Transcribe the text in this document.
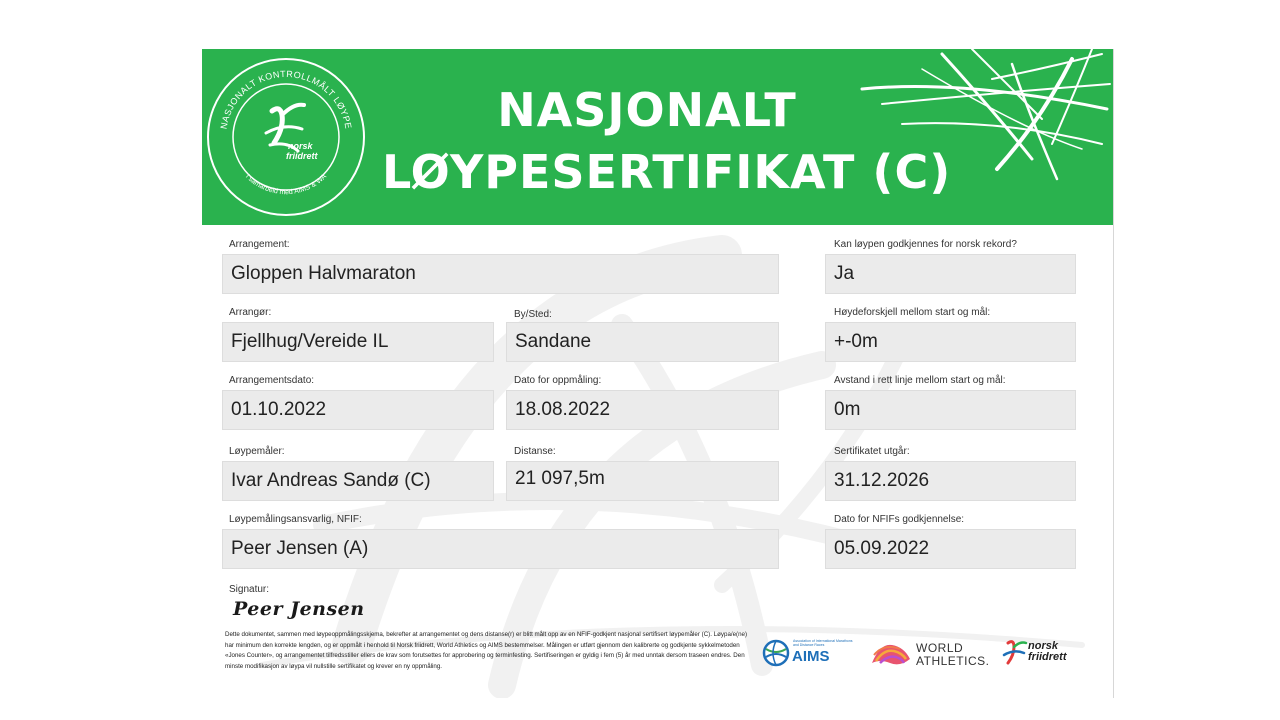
NASJONALT KONTROLLMÅLT LØYPE
I samarbeid med AIMS & WA
norsk
friidrett
NASJONALT
LØYPESERTIFIKAT (C)
Arrangement:
Gloppen Halvmaraton
Kan løypen godkjennes for norsk rekord?
Ja
Arrangør:
Fjellhug/Vereide IL
By/Sted:
Sandane
Høydeforskjell mellom start og mål:
+-0m
Arrangementsdato:
01.10.2022
Dato for oppmåling:
18.08.2022
Avstand i rett linje mellom start og mål:
0m
Løypemåler:
Ivar Andreas Sandø (C)
Distanse:
21 097,5m
Sertifikatet utgår:
31.12.2026
Løypemålingsansvarlig, NFIF:
Peer Jensen (A)
Dato for NFIFs godkjennelse:
05.09.2022
Signatur:
Peer Jensen
Dette dokumentet, sammen med løypeoppmålingsskjema, bekrefter at arrangementet og dens distanse(r) er blitt målt opp av en NFIF-godkjent nasjonal sertifisert løypemåler (C). Løypa/e(ne) har minimum den korrekte lengden, og er oppmålt i henhold til Norsk friidrett, World Athletics og AIMS bestemmelser. Målingen er utført gjennom den kalibrerte og godkjente sykkelmetoden «Jones Counter», og arrangementet tilfredsstiller ellers de krav som forutsettes for approbering og terminfesting. Sertifiseringen er gyldig i fem (5) år med unntak dersom traseen endres. Den minste modifikasjon av løypa vil nullstille sertifikatet og krever en ny oppmåling.
Association of International Marathons and Distance Races
AIMS	WORLD
ATHLETICS.
norsk
friidrett
